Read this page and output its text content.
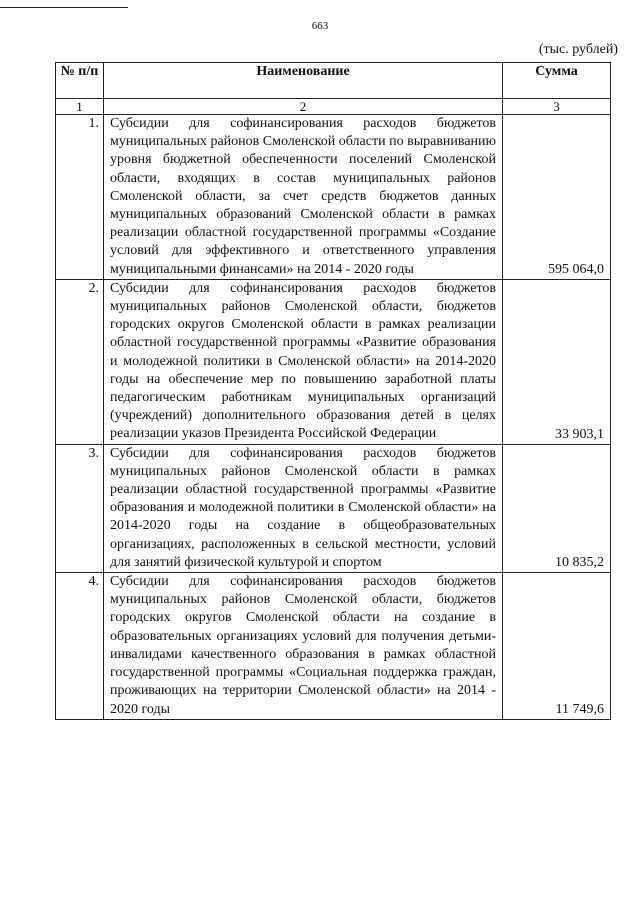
663
(тыс. рублей)
№ п/п	Наименование	Сумма
1	2	3
1.	Субсидии для софинансирования расходов бюджетов муниципальных районов Смоленской области по выравниванию уровня бюджетной обеспеченности поселений Смоленской области, входящих в состав муниципальных районов Смоленской области, за счет средств бюджетов данных муниципальных образований Смоленской области в рамках реализации областной государственной программы «Создание условий для эффективного и ответственного управления муниципальными финансами» на 2014 - 2020 годы	595 064,0
2.	Субсидии для софинансирования расходов бюджетов муниципальных районов Смоленской области, бюджетов городских округов Смоленской области в рамках реализации областной государственной программы «Развитие образования и молодежной политики в Смоленской области» на 2014-2020 годы на обеспечение мер по повышению заработной платы педагогическим работникам муниципальных организаций (учреждений) дополнительного образования детей в целях реализации указов Президента Российской Федерации	33 903,1
3.	Субсидии для софинансирования расходов бюджетов муниципальных районов Смоленской области в рамках реализации областной государственной программы «Развитие образования и молодежной политики в Смоленской области» на 2014-2020 годы на создание в общеобразовательных организациях, расположенных в сельской местности, условий для занятий физической культурой и спортом	10 835,2
4.	Субсидии для софинансирования расходов бюджетов муниципальных районов Смоленской области, бюджетов городских округов Смоленской области на создание в образовательных организациях условий для получения детьми-инвалидами качественного образования в рамках областной государственной программы «Социальная поддержка граждан, проживающих на территории Смоленской области» на 2014 - 2020 годы	11 749,6
